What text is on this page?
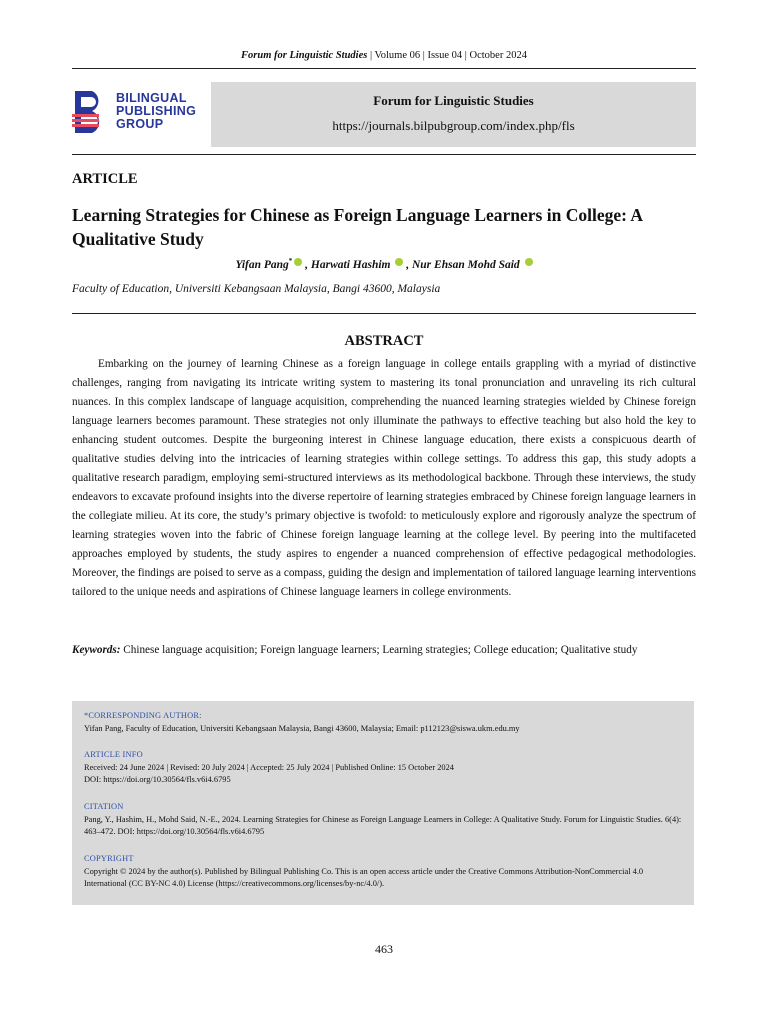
Forum for Linguistic Studies | Volume 06 | Issue 04 | October 2024
BILINGUAL
PUBLISHING
GROUP
Forum for Linguistic Studies
https://journals.bilpubgroup.com/index.php/fls
ARTICLE
Learning Strategies for Chinese as Foreign Language Learners in College: A Qualitative Study
Yifan Pang* , Harwati Hashim  , Nur Ehsan Mohd Said
Faculty of Education, Universiti Kebangsaan Malaysia, Bangi 43600, Malaysia
ABSTRACT

Embarking on the journey of learning Chinese as a foreign language in college entails grappling with a myriad of distinctive challenges, ranging from navigating its intricate writing system to mastering its tonal pronunciation and unraveling its rich cultural nuances. In this complex landscape of language acquisition, comprehending the nuanced learning strategies wielded by Chinese foreign language learners becomes paramount. These strategies not only illuminate the pathways to effective teaching but also hold the key to enhancing student outcomes. Despite the burgeoning interest in Chinese language education, there exists a conspicuous dearth of qualitative studies delving into the intricacies of learning strategies within college settings. To address this gap, this study adopts a qualitative research paradigm, employing semi-structured interviews as its methodological backbone. Through these interviews, the study endeavors to excavate profound insights into the diverse repertoire of learning strategies embraced by Chinese foreign language learners in the collegiate milieu. At its core, the study’s primary objective is twofold: to meticulously explore and rigorously analyze the spectrum of learning strategies woven into the fabric of Chinese foreign language learning at the college level. By peering into the multifaceted approaches employed by students, the study aspires to engender a nuanced comprehension of effective pedagogical methodologies. Moreover, the findings are poised to serve as a compass, guiding the design and implementation of tailored language learning interventions tailored to the unique needs and aspirations of Chinese language learners in college environments.

Keywords: Chinese language acquisition; Foreign language learners; Learning strategies; College education; Qualitative study
*CORRESPONDING AUTHOR:
Yifan Pang, Faculty of Education, Universiti Kebangsaan Malaysia, Bangi 43600, Malaysia; Email: p112123@siswa.ukm.edu.my
ARTICLE INFO
Received: 24 June 2024 | Revised: 20 July 2024 | Accepted: 25 July 2024 | Published Online: 15 October 2024
DOI: https://doi.org/10.30564/fls.v6i4.6795
CITATION
Pang, Y., Hashim, H., Mohd Said, N.-E., 2024. Learning Strategies for Chinese as Foreign Language Learners in College: A Qualitative Study. Forum for Linguistic Studies. 6(4): 463–472. DOI: https://doi.org/10.30564/fls.v6i4.6795
COPYRIGHT
Copyright © 2024 by the author(s). Published by Bilingual Publishing Co. This is an open access article under the Creative Commons Attribution-NonCommercial 4.0 International (CC BY-NC 4.0) License (https://creativecommons.org/licenses/by-nc/4.0/).
463
